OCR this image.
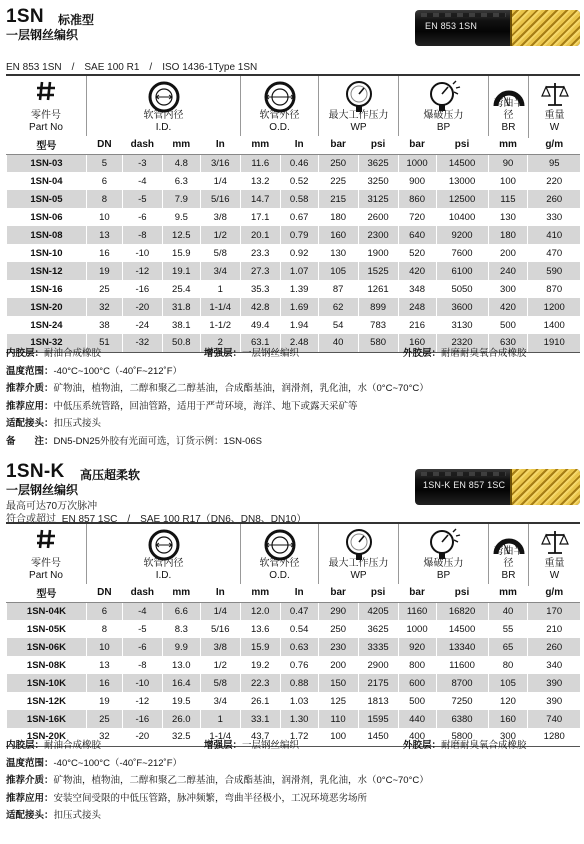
1SN 标准型
一层钢丝编织
EN 853 1SN
EN 853 1SN / SAE 100 R1 / ISO 1436-1Type 1SN
零件号
Part No
软管内径
I.D.
软管外径
O.D.
最大工作压力
WP
爆破压力
BP
弯曲半径
BR
重量
W
型号	DN	dash	mm	In	mm	In	bar	psi	bar	psi	mm	g/m
1SN-03	5	-3	4.8	3/16	11.6	0.46	250	3625	1000	14500	90	95
1SN-04	6	-4	6.3	1/4	13.2	0.52	225	3250	900	13000	100	220
1SN-05	8	-5	7.9	5/16	14.7	0.58	215	3125	860	12500	115	260
1SN-06	10	-6	9.5	3/8	17.1	0.67	180	2600	720	10400	130	330
1SN-08	13	-8	12.5	1/2	20.1	0.79	160	2300	640	9200	180	410
1SN-10	16	-10	15.9	5/8	23.3	0.92	130	1900	520	7600	200	470
1SN-12	19	-12	19.1	3/4	27.3	1.07	105	1525	420	6100	240	590
1SN-16	25	-16	25.4	1	35.3	1.39	87	1261	348	5050	300	870
1SN-20	32	-20	31.8	1-1/4	42.8	1.69	62	899	248	3600	420	1200
1SN-24	38	-24	38.1	1-1/2	49.4	1.94	54	783	216	3130	500	1400
1SN-32	51	-32	50.8	2	63.1	2.48	40	580	160	2320	630	1910
内胶层：耐油合成橡胶	增强层：一层钢丝编织	外胶层：耐磨耐臭氧合成橡胶
温度范围：-40°C~100°C（-40˚F~212˚F）
推荐介质：矿物油，植物油，二醇和聚乙二醇基油，合成酯基油，润滑剂，乳化油，水（0°C~70°C）
推荐应用：中低压系统管路，回油管路，适用于严苛环境，海洋、地下或露天采矿等
适配接头：扣压式接头
备　　注：DN5-DN25外胶有光面可选，订货示例：1SN-06S
1SN-K 高压超柔软
一层钢丝编织
最高可达70万次脉冲
1SN-K EN 857 1SC
符合或超过 EN 857 1SC / SAE 100 R17（DN6、DN8、DN10）
零件号
Part No
软管内径
I.D.
软管外径
O.D.
最大工作压力
WP
爆破压力
BP
弯曲半径
BR
重量
W
型号	DN	dash	mm	In	mm	In	bar	psi	bar	psi	mm	g/m
1SN-04K	6	-4	6.6	1/4	12.0	0.47	290	4205	1160	16820	40	170
1SN-05K	8	-5	8.3	5/16	13.6	0.54	250	3625	1000	14500	55	210
1SN-06K	10	-6	9.9	3/8	15.9	0.63	230	3335	920	13340	65	260
1SN-08K	13	-8	13.0	1/2	19.2	0.76	200	2900	800	11600	80	340
1SN-10K	16	-10	16.4	5/8	22.3	0.88	150	2175	600	8700	105	390
1SN-12K	19	-12	19.5	3/4	26.1	1.03	125	1813	500	7250	120	390
1SN-16K	25	-16	26.0	1	33.1	1.30	110	1595	440	6380	160	740
1SN-20K	32	-20	32.5	1-1/4	43.7	1.72	100	1450	400	5800	300	1280
内胶层：耐油合成橡胶	增强层：一层钢丝编织	外胶层：耐磨耐臭氧合成橡胶
温度范围：-40°C~100°C（-40˚F~212˚F）
推荐介质：矿物油，植物油，二醇和聚乙二醇基油，合成酯基油，润滑剂，乳化油，水（0°C~70°C）
推荐应用：安装空间受限的中低压管路，脉冲频繁，弯曲半径极小，工况环境恶劣场所
适配接头：扣压式接头
